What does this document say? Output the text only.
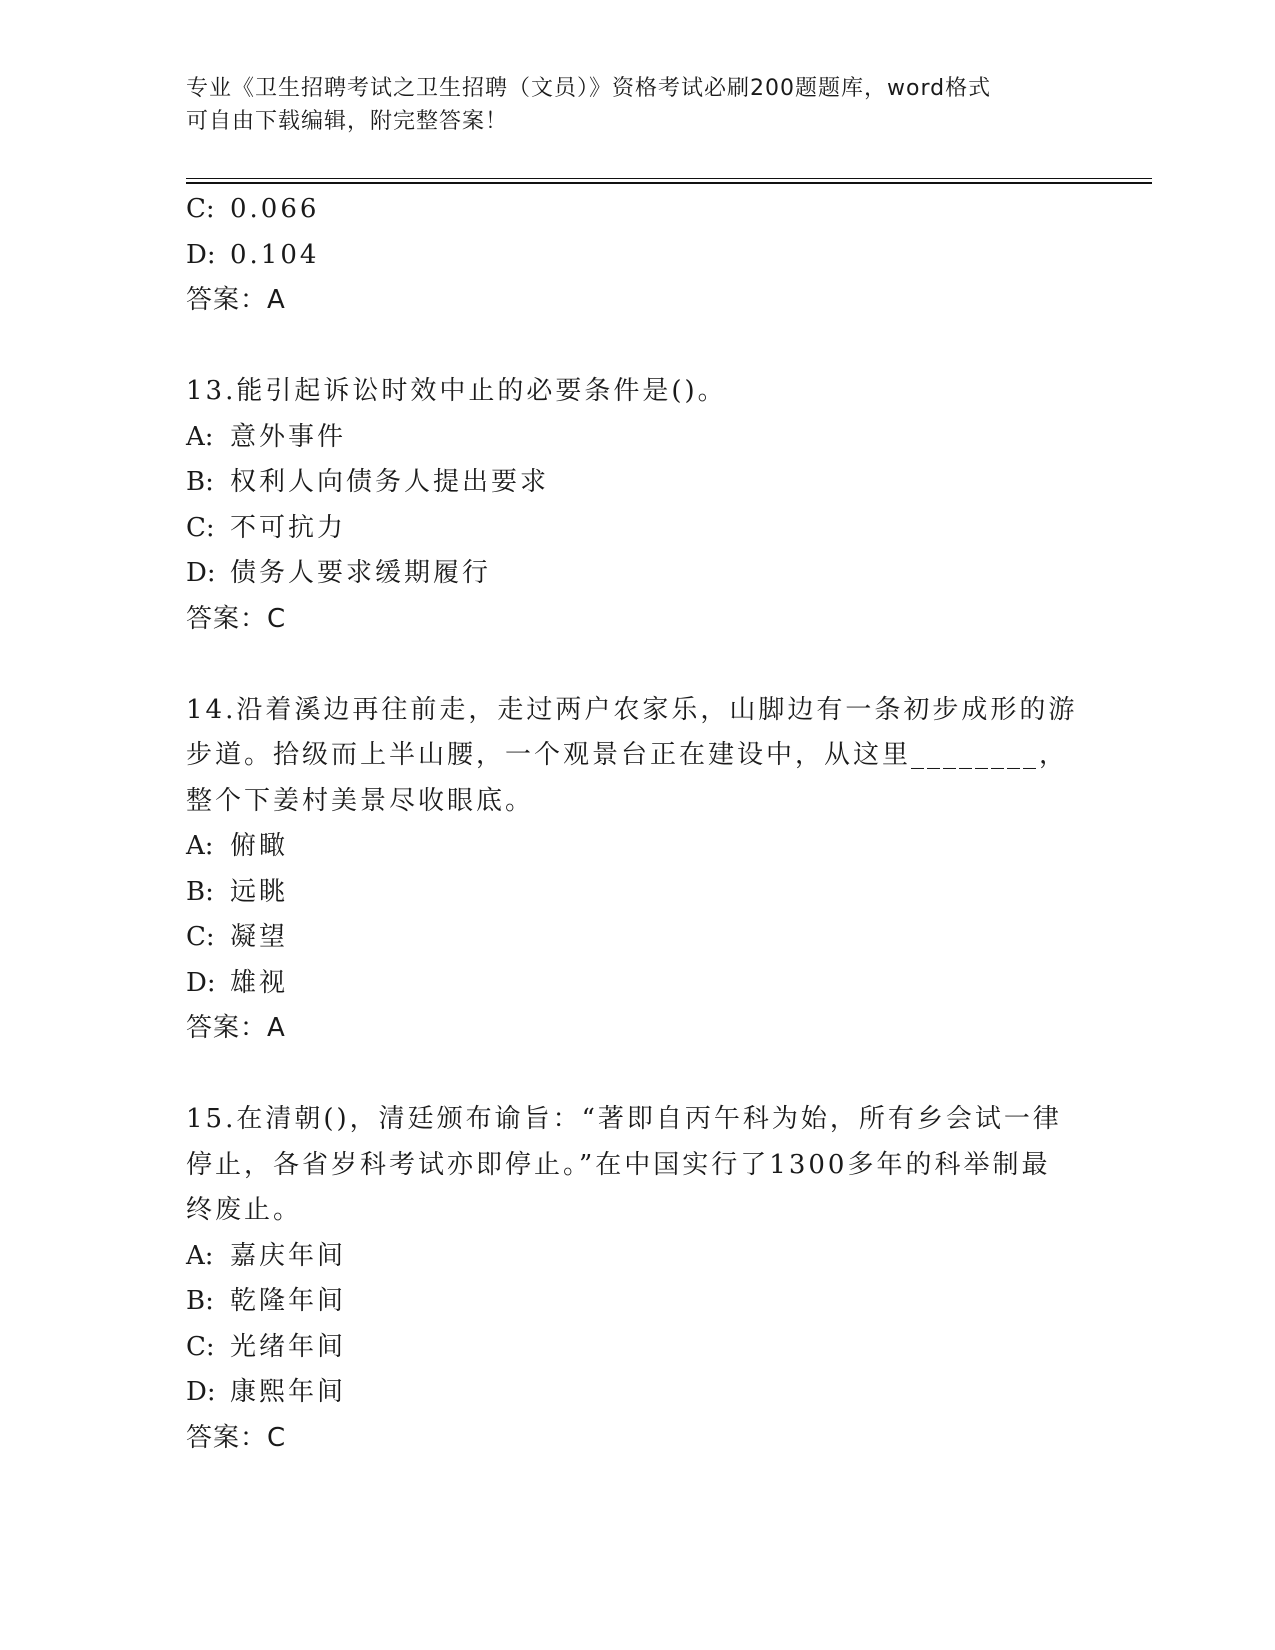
专业《卫生招聘考试之卫生招聘（文员）》资格考试必刷200题题库，word格式
可自由下载编辑，附完整答案！
C: 0.066
D: 0.104
答案：A
13.能引起诉讼时效中止的必要条件是()。
A: 意外事件
B: 权利人向债务人提出要求
C: 不可抗力
D: 债务人要求缓期履行
答案：C
14.沿着溪边再往前走，走过两户农家乐，山脚边有一条初步成形的游
步道。拾级而上半山腰，一个观景台正在建设中，从这里________，
整个下姜村美景尽收眼底。
A: 俯瞰
B: 远眺
C: 凝望
D: 雄视
答案：A
15.在清朝()，清廷颁布谕旨：“著即自丙午科为始，所有乡会试一律
停止，各省岁科考试亦即停止。”在中国实行了1300多年的科举制最
终废止。
A: 嘉庆年间
B: 乾隆年间
C: 光绪年间
D: 康熙年间
答案：C
